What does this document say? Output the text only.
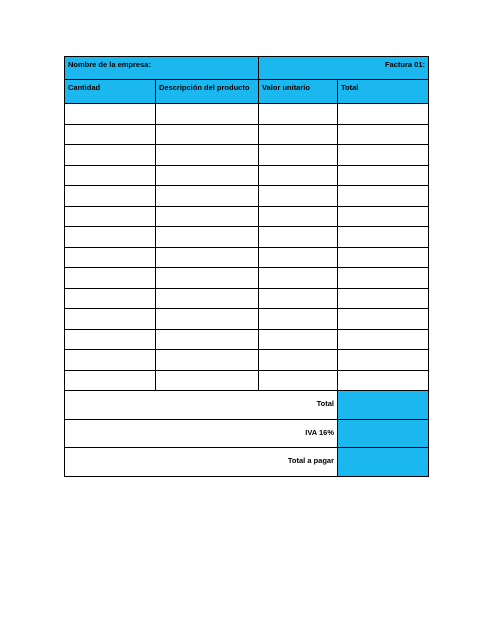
Nombre de la empresa:		Factura 01:	
Cantidad	Descripción del producto	Valor unitario	Total

Total			
IVA 16%			
Total a pagar			
